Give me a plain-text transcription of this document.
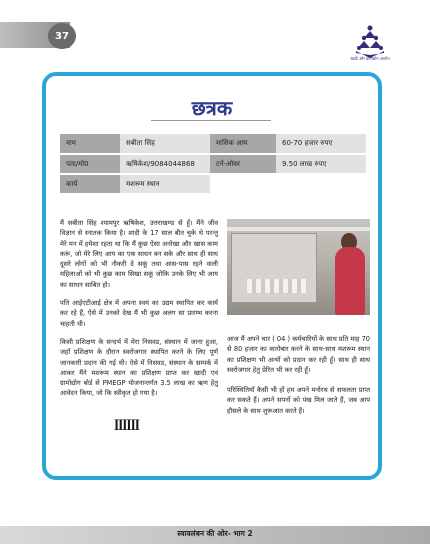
37
खादी और ग्रामोद्योग आयोग
छत्रक
नाम	सबीता सिंह	मासिक आय	60-70 हजार रुपए
पता/मो0	ऋषिकेश/9084044868	टर्न-ओवर	9.50 लाख रुपए
कार्य	मशरूम स्थान		

मैं सबीता सिंह श्यामपुर ऋषिकेश, उत्तराखण्ड से हूँ। मैंने जीव विज्ञान से स्नातक किया है। शादी के 17 साल बीत चुके थे परन्तु मेरे मन में हमेशा रहता था कि मैं कुछ ऐसा अनोखा और खास काम करूं, जो मेरे लिए आय का एक साधन बन सके और साथ ही साथ दूसरे लोगों को भी नौकरी दे सकूं तथा आस-पास रहने वाली महिलाओं को भी कुछ काम सिखा सकूं जोकि उनके लिए भी आय का साधन साबित हो।

पति आईएटीआई क्षेत्र में अपना स्वयं का उद्यम स्थापित कर कार्य कर रहे हैं, ऐसे में उनको देख मैं भी कुछ अलग सा प्रारम्भ करना चाहती थी।

किसी प्रशिक्षण के सन्दर्भ में मेरा निसवड, संस्थान में जाना हुआ, जहाँ प्रशिक्षण के दौरान स्वरोजगार स्थापित करने के लिए पूर्ण जानकारी प्रदान की गई थी। ऐसे में निसवड, संस्थान के सम्पर्क में आकर मैंने मशरूम स्थान का प्रशिक्षण प्राप्त कर खादी एवं ग्रामोद्योग बोर्ड से PMEGP योजनान्तर्गत 3.5 लाख का ऋण हेतु आवेदन किया, जो कि स्वीकृत हो गया है।

आज मैं अपने चार ( 04 ) कर्मचारियों के साथ प्रति माह 70 से 80 हजार का कारोबार करने के साथ-साथ मशरूम स्थान का प्रशिक्षण भी अन्यों को प्रदान कर रही हूँ। साथ ही साथ स्वरोजगार हेतु प्रेरित भी कर रही हूँ।

परिस्थितियाँ कैसी भी हों हम अपने मनोरथ से सफलता प्राप्त कर सकते हैं। अपने सपनों को पंख मिल जाते हैं, जब आप हौसले के साथ शुरूआत करते हैं।

ꟾꟾꟾꟾꟾꟾ
स्वावलंबन की ओर- भाग 2
